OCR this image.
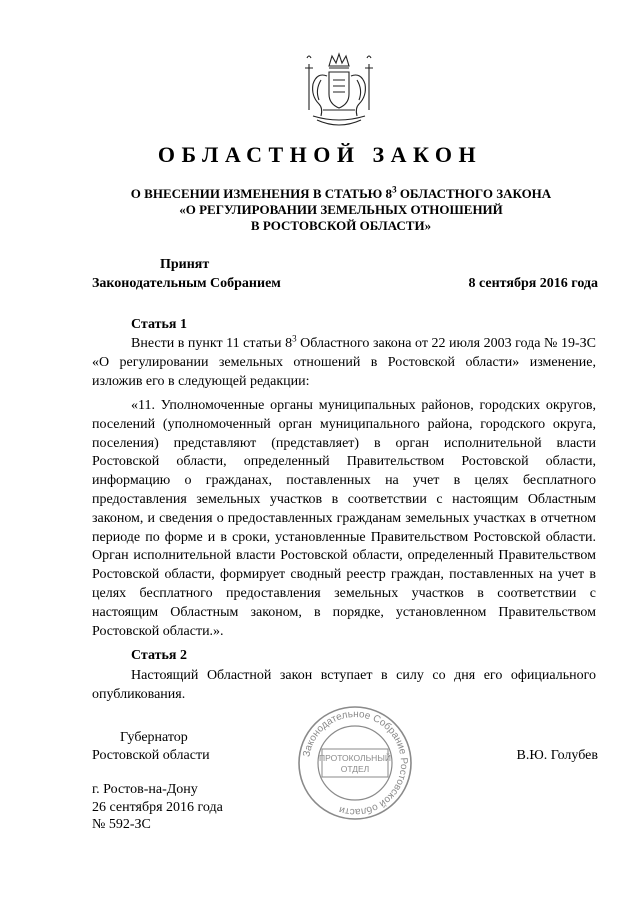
ОБЛАСТНОЙ ЗАКОН
О ВНЕСЕНИИ ИЗМЕНЕНИЯ В СТАТЬЮ $8^3$ ОБЛАСТНОГО ЗАКОНА
«О РЕГУЛИРОВАНИИ ЗЕМЕЛЬНЫХ ОТНОШЕНИЙ
В РОСТОВСКОЙ ОБЛАСТИ»
Принят
Законодательным Собранием	8 сентября 2016 года
Статья 1

Внести в пункт 11 статьи $8^3$ Областного закона от 22 июля 2003 года № 19-ЗС «О регулировании земельных отношений в Ростовской области» изменение, изложив его в следующей редакции:

«11. Уполномоченные органы муниципальных районов, городских округов, поселений (уполномоченный орган муниципального района, городского округа, поселения) представляют (представляет) в орган исполнительной власти Ростовской области, определенный Правительством Ростовской области, информацию о гражданах, поставленных на учет в целях бесплатного предоставления земельных участков в соответствии с настоящим Областным законом, и сведения о предоставленных гражданам земельных участках в отчетном периоде по форме и в сроки, установленные Правительством Ростовской области. Орган исполнительной власти Ростовской области, определенный Правительством Ростовской области, формирует сводный реестр граждан, поставленных на учет в целях бесплатного предоставления земельных участков в соответствии с настоящим Областным законом, в порядке, установленном Правительством Ростовской области.».

Статья 2

Настоящий Областной закон вступает в силу со дня его официального опубликования.

Губернатор
Ростовской области	В.Ю. Голубев
Законодательное Собрание Ростовской области
ПРОТОКОЛЬНЫЙ
ОТДЕЛ
г. Ростов-на-Дону
26 сентября 2016 года
№ 592-ЗС
